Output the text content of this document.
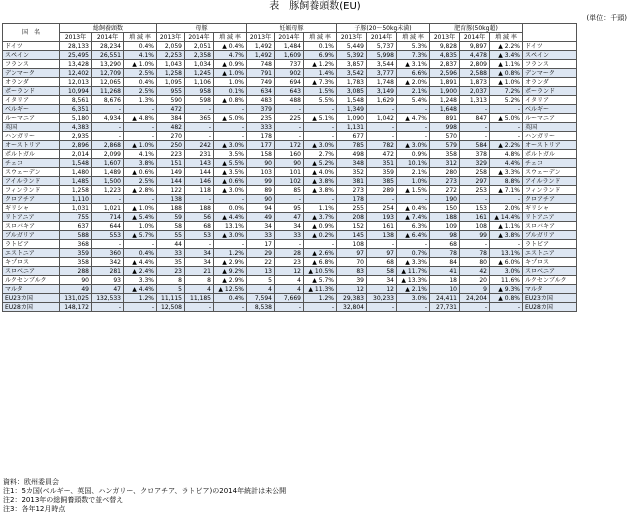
表　豚飼養頭数(EU)
(単位：千頭)
国　名	総飼養頭数			母豚			妊娠母豚			子豚(20～50kg未満)			肥育豚(50kg超)			
	2013年	2014年	増 減 率	2013年	2014年	増 減 率	2013年	2014年	増 減 率	2013年	2014年	増 減 率	2013年	2014年	増 減 率	
ドイツ	28,133	28,234	0.4%	2,059	2,051	▲ 0.4%	1,492	1,484	0.1%	5,449	5,737	5.3%	9,828	9,897	▲ 2.2%	ドイツ
スペイン	25,495	26,551	4.1%	2,253	2,358	4.7%	1,492	1,609	6.9%	5,392	5,998	7.3%	4,835	4,478	▲ 3.4%	スペイン
フランス	13,428	13,290	▲ 1.0%	1,043	1,034	▲ 0.9%	748	737	▲ 1.2%	3,857	3,544	▲ 3.1%	2,837	2,809	▲ 1.1%	フランス
デンマーク	12,402	12,709	2.5%	1,258	1,245	▲ 1.0%	791	902	1.4%	3,542	3,777	6.6%	2,596	2,588	▲ 0.8%	デンマーク
オランダ	12,013	12,065	0.4%	1,095	1,106	1.0%	749	694	▲ 7.3%	1,783	1,748	▲ 2.0%	1,891	1,873	▲ 1.0%	オランダ
ポーランド	10,994	11,268	2.5%	955	958	0.1%	634	643	1.5%	3,085	3,149	2.1%	1,900	2,037	7.2%	ポーランド
イタリア	8,561	8,676	1.3%	590	598	▲ 0.8%	483	488	5.5%	1,548	1,629	5.4%	1,248	1,313	5.2%	イタリア
ベルギー	6,351	-	-	472	-	-	379	-	-	1,349	-	-	1,648	-	-	ベルギー
ルーマニア	5,180	4,934	▲ 4.8%	384	365	▲ 5.0%	235	225	▲ 5.1%	1,090	1,042	▲ 4.7%	891	847	▲ 5.0%	ルーマニア
英国	4,383	-	-	482	-	-	333	-	-	1,131	-	-	998	-	-	英国
ハンガリー	2,935	-	-	270	-	-	178	-	-	677	-	-	570	-	-	ハンガリー
オーストリア	2,896	2,868	▲ 1.0%	250	242	▲ 3.0%	177	172	▲ 3.0%	785	782	▲ 3.0%	579	584	▲ 2.2%	オーストリア
ポルトガル	2,014	2,099	4.1%	223	231	3.5%	158	160	2.7%	498	472	0.9%	358	378	4.8%	ポルトガル
チェコ	1,548	1,607	3.8%	151	143	▲ 5.5%	90	90	▲ 5.2%	348	351	10.1%	312	329	4.4%	チェコ
スウェーデン	1,480	1,489	▲ 0.6%	149	144	▲ 3.5%	103	101	▲ 4.0%	352	359	2.1%	280	258	▲ 3.3%	スウェーデン
アイルランド	1,485	1,500	2.5%	144	146	▲ 0.6%	99	102	▲ 3.8%	381	385	1.0%	273	297	8.8%	アイルランド
フィンランド	1,258	1,223	▲ 2.8%	122	118	▲ 3.0%	89	85	▲ 3.8%	273	289	▲ 1.5%	272	253	▲ 7.1%	フィンランド
クロアチア	1,110	-	-	138	-	-	90	-	-	178	-	-	190	-	-	クロアチア
ギリシャ	1,031	1,021	▲ 1.0%	188	188	0.0%	94	95	1.1%	255	254	▲ 0.4%	150	153	2.0%	ギリシャ
リトアニア	755	714	▲ 5.4%	59	56	▲ 4.4%	49	47	▲ 3.7%	208	193	▲ 7.4%	188	161	▲ 14.4%	リトアニア
スロバキア	637	644	1.0%	58	68	13.1%	34	34	▲ 0.9%	152	161	6.3%	109	108	▲ 1.1%	スロバキア
ブルガリア	588	553	▲ 5.7%	55	53	▲ 3.0%	33	33	▲ 0.2%	145	138	▲ 6.4%	98	99	▲ 3.8%	ブルガリア
ラトビア	368	-	-	44	-	-	17	-	-	108	-	-	68	-	-	ラトビア
エストニア	359	360	0.4%	33	34	1.2%	29	28	▲ 2.6%	97	97	0.7%	78	78	13.1%	エストニア
キプロス	358	342	▲ 4.4%	35	34	▲ 2.9%	22	23	▲ 6.8%	70	68	▲ 3.3%	84	80	▲ 6.0%	キプロス
スロベニア	288	281	▲ 2.4%	23	21	▲ 9.2%	13	12	▲ 10.5%	83	58	▲ 11.7%	41	42	3.0%	スロベニア
ルクセンブルク	90	93	3.3%	8	8	▲ 2.9%	5	4	▲ 5.7%	39	34	▲ 13.3%	18	20	11.6%	ルクセンブルク
マルタ	49	47	▲ 4.4%	5	4	▲ 12.5%	4	4	▲ 11.3%	12	12	▲ 2.1%	10	9	▲ 9.3%	マルタ
EU23カ国	131,025	132,533	1.2%	11,115	11,185	0.4%	7,594	7,669	1.2%	29,383	30,233	3.0%	24,411	24,204	▲ 0.8%	EU23カ国
EU28カ国	148,172	-	-	12,508	-	-	8,538	-	-	32,804	-	-	27,731	-	-	EU28カ国
資料：欧州委員会
注1：5カ国(ベルギー、英国、ハンガリー、クロアチア、ラトビア)の2014年統計は未公開
注2：2013年の総飼養頭数で並べ替え
注3：各年12月時点
